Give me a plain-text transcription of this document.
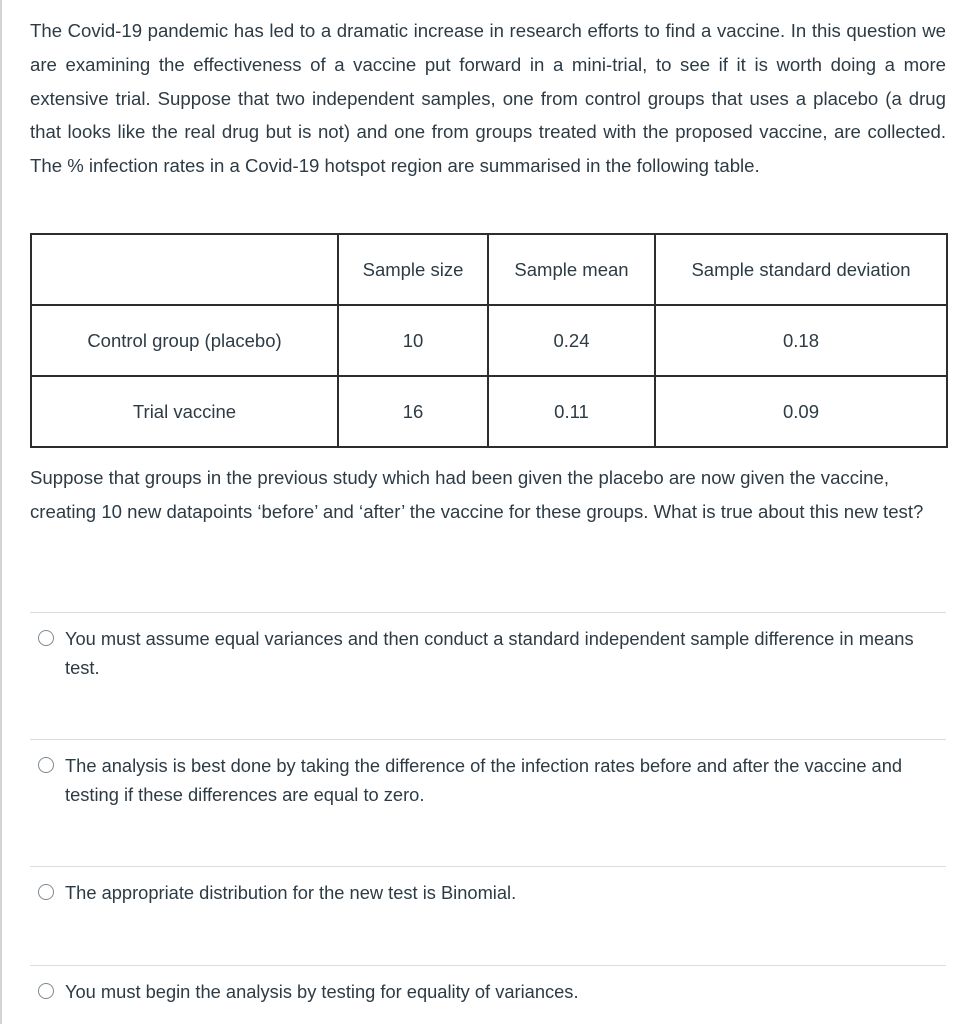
The Covid-19 pandemic has led to a dramatic increase in research efforts to find a vaccine. In this question we are examining the effectiveness of a vaccine put forward in a mini-trial, to see if it is worth doing a more extensive trial. Suppose that two independent samples, one from control groups that uses a placebo (a drug that looks like the real drug but is not) and one from groups treated with the proposed vaccine, are collected. The % infection rates in a Covid-19 hotspot region are summarised in the following table.

	Sample size	Sample mean	Sample standard deviation
Control group (placebo)	10	0.24	0.18
Trial vaccine	16	0.11	0.09

Suppose that groups in the previous study which had been given the placebo are now given the vaccine, creating 10 new datapoints ‘before’ and ‘after’ the vaccine for these groups. What is true about this new test?

You must assume equal variances and then conduct a standard independent sample difference in means test.
The analysis is best done by taking the difference of the infection rates before and after the vaccine and testing if these differences are equal to zero.
The appropriate distribution for the new test is Binomial.
You must begin the analysis by testing for equality of variances.
